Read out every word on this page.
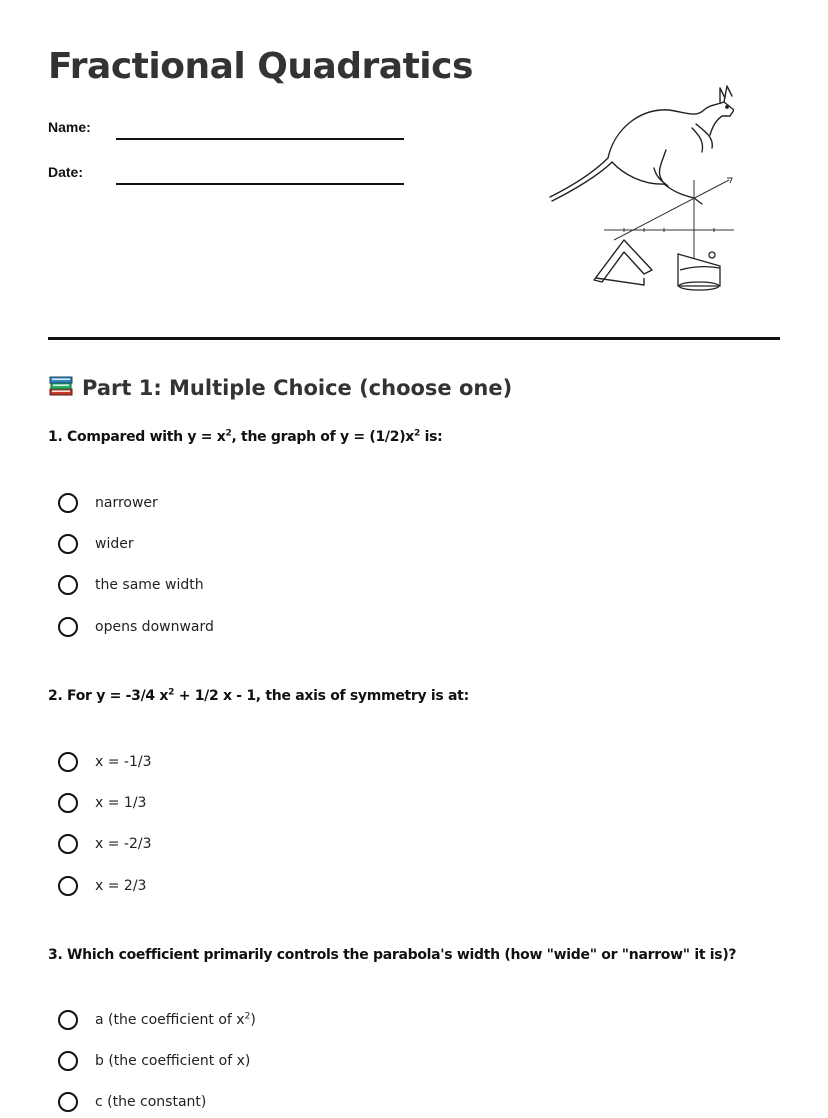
Fractional Quadratics
Name:
Date:
Part 1: Multiple Choice (choose one)
1. Compared with $y = x^2$, the graph of $y = (1/2)x^2$ is:
narrower
wider
the same width
opens downward
2. For y = -3/4 $x^2 + 1/2$ x - 1, the axis of symmetry is at:
x = -1/3
x = 1/3
x = -2/3
x = 2/3
3. Which coefficient primarily controls the parabola's width (how "wide" or "narrow" it is)?
a (the coefficient of $x^2$)
b (the coefficient of x)
c (the constant)
